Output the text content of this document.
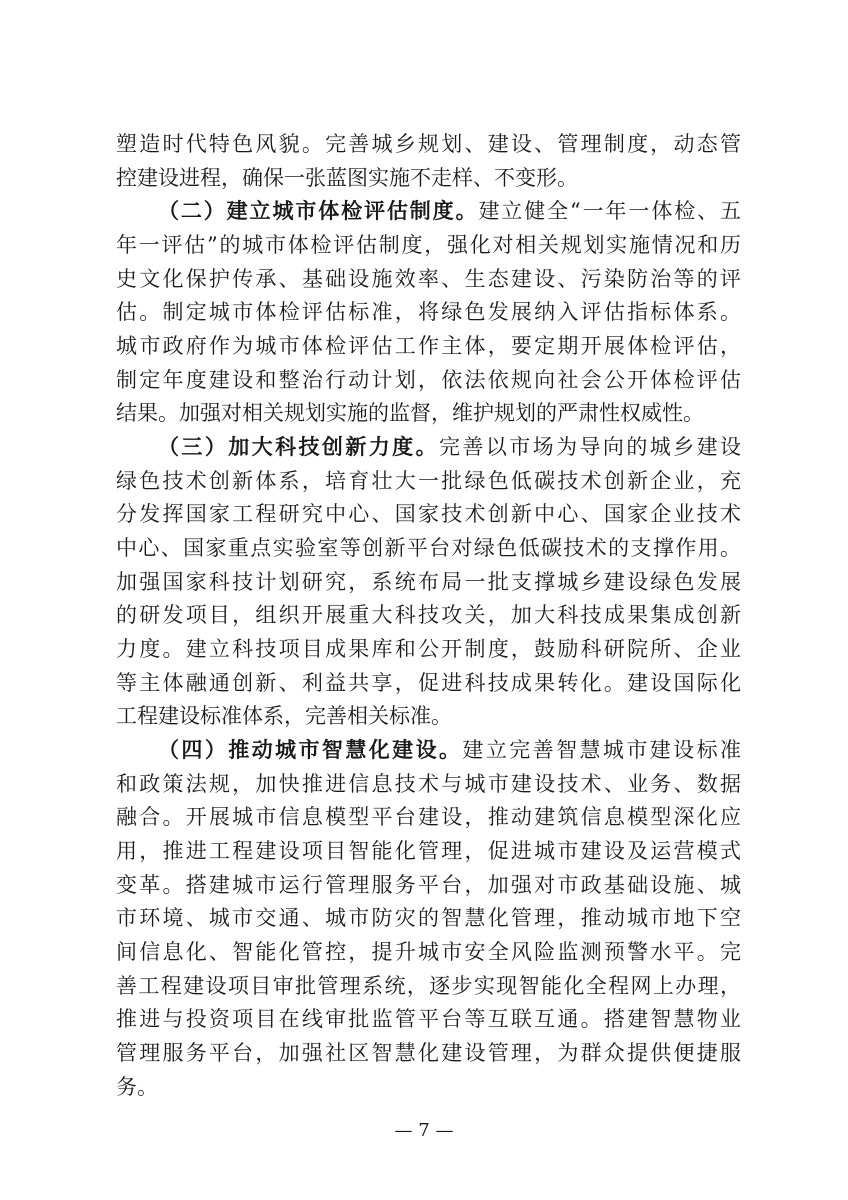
塑造时代特色风貌。完善城乡规划、建设、管理制度，动态管
控建设进程，确保一张蓝图实施不走样、不变形。
（二）建立城市体检评估制度。建立健全“一年一体检、五
年一评估”的城市体检评估制度，强化对相关规划实施情况和历
史文化保护传承、基础设施效率、生态建设、污染防治等的评
估。制定城市体检评估标准，将绿色发展纳入评估指标体系。
城市政府作为城市体检评估工作主体，要定期开展体检评估，
制定年度建设和整治行动计划，依法依规向社会公开体检评估
结果。加强对相关规划实施的监督，维护规划的严肃性权威性。
（三）加大科技创新力度。完善以市场为导向的城乡建设
绿色技术创新体系，培育壮大一批绿色低碳技术创新企业，充
分发挥国家工程研究中心、国家技术创新中心、国家企业技术
中心、国家重点实验室等创新平台对绿色低碳技术的支撑作用。
加强国家科技计划研究，系统布局一批支撑城乡建设绿色发展
的研发项目，组织开展重大科技攻关，加大科技成果集成创新
力度。建立科技项目成果库和公开制度，鼓励科研院所、企业
等主体融通创新、利益共享，促进科技成果转化。建设国际化
工程建设标准体系，完善相关标准。
（四）推动城市智慧化建设。建立完善智慧城市建设标准
和政策法规，加快推进信息技术与城市建设技术、业务、数据
融合。开展城市信息模型平台建设，推动建筑信息模型深化应
用，推进工程建设项目智能化管理，促进城市建设及运营模式
变革。搭建城市运行管理服务平台，加强对市政基础设施、城
市环境、城市交通、城市防灾的智慧化管理，推动城市地下空
间信息化、智能化管控，提升城市安全风险监测预警水平。完
善工程建设项目审批管理系统，逐步实现智能化全程网上办理，
推进与投资项目在线审批监管平台等互联互通。搭建智慧物业
管理服务平台，加强社区智慧化建设管理，为群众提供便捷服
— 7 —
务。
